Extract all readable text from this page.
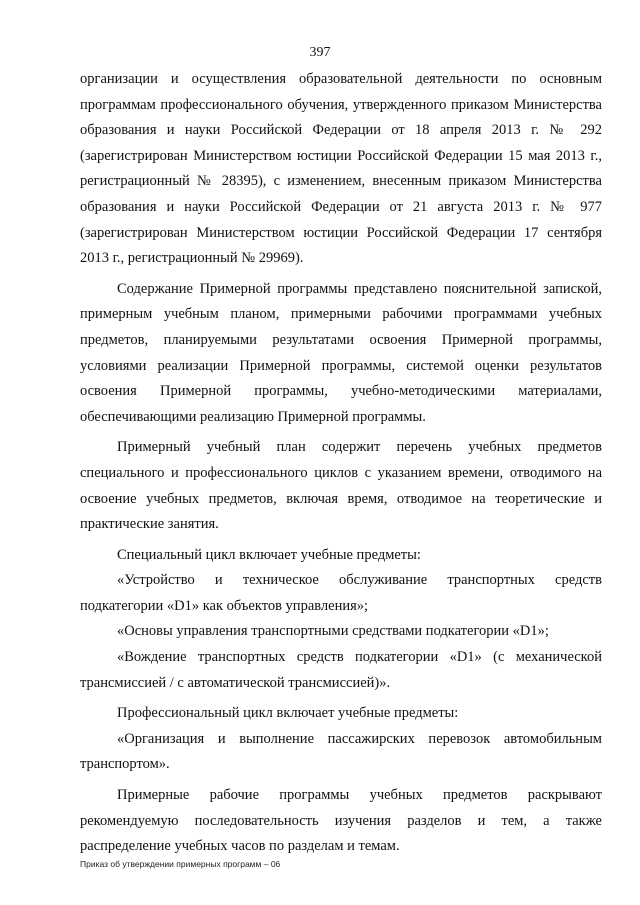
397

организации и осуществления образовательной деятельности по основным программам профессионального обучения, утвержденного приказом Министерства образования и науки Российской Федерации от 18 апреля 2013 г. № 292 (зарегистрирован Министерством юстиции Российской Федерации 15 мая 2013 г., регистрационный № 28395), с изменением, внесенным приказом Министерства образования и науки Российской Федерации от 21 августа 2013 г. № 977 (зарегистрирован Министерством юстиции Российской Федерации 17 сентября 2013 г., регистрационный № 29969).

Содержание Примерной программы представлено пояснительной запиской, примерным учебным планом, примерными рабочими программами учебных предметов, планируемыми результатами освоения Примерной программы, условиями реализации Примерной программы, системой оценки результатов освоения Примерной программы, учебно-методическими материалами, обеспечивающими реализацию Примерной программы.

Примерный учебный план содержит перечень учебных предметов специального и профессионального циклов с указанием времени, отводимого на освоение учебных предметов, включая время, отводимое на теоретические и практические занятия.

Специальный цикл включает учебные предметы:

«Устройство и техническое обслуживание транспортных средств подкатегории «D1» как объектов управления»;

«Основы управления транспортными средствами подкатегории «D1»;

«Вождение транспортных средств подкатегории «D1» (с механической трансмиссией / с автоматической трансмиссией)».

Профессиональный цикл включает учебные предметы:

«Организация и выполнение пассажирских перевозок автомобильным транспортом».

Примерные рабочие программы учебных предметов раскрывают рекомендуемую последовательность изучения разделов и тем, а также распределение учебных часов по разделам и темам.

Приказ об утверждении примерных программ – 06
